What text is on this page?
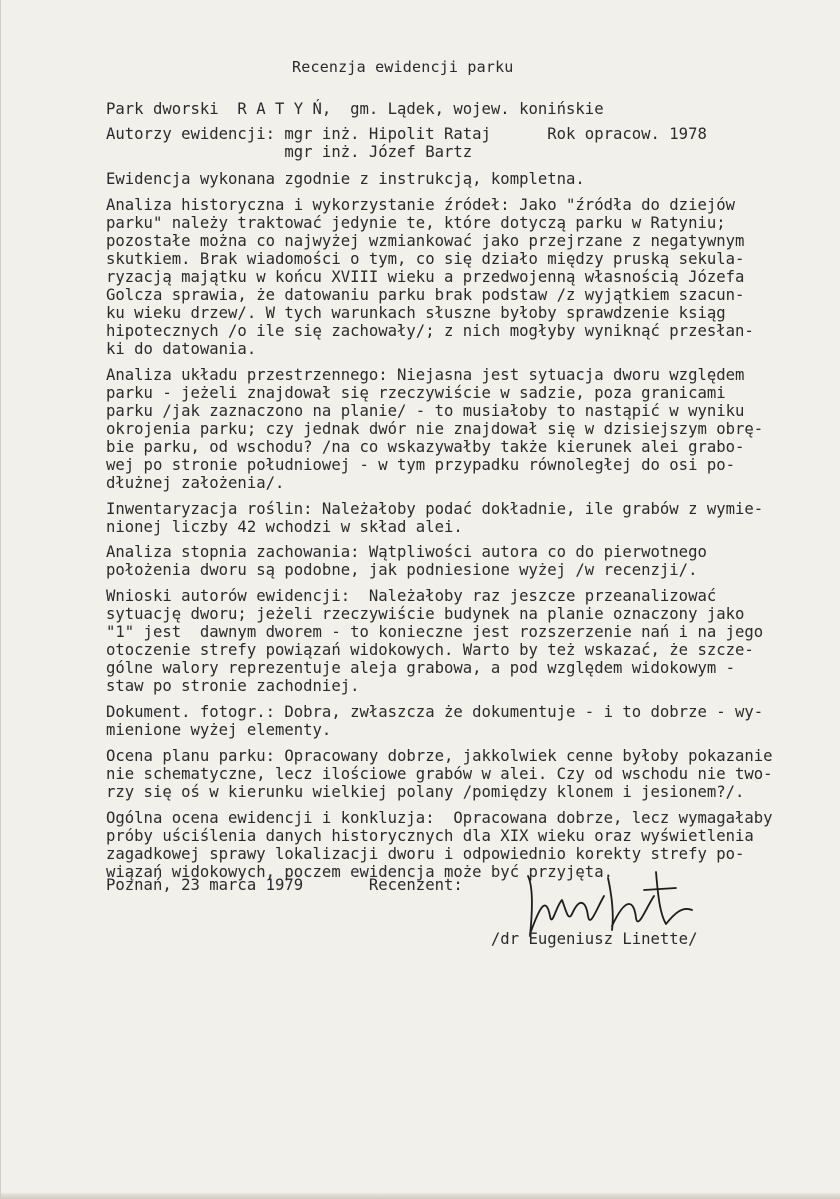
Recenzja ewidencji parku
Park dworski  R A T Y Ń,  gm. Lądek, wojew. konińskie
Autorzy ewidencji: mgr inż. Hipolit Rataj      Rok opracow. 1978
mgr inż. Józef Bartz
Ewidencja wykonana zgodnie z instrukcją, kompletna.
Analiza historyczna i wykorzystanie źródeł: Jako "źródła do dziejów
parku" należy traktować jedynie te, które dotyczą parku w Ratyniu;
pozostałe można co najwyżej wzmiankować jako przejrzane z negatywnym
skutkiem. Brak wiadomości o tym, co się działo między pruską sekula-
ryzacją majątku w końcu XVIII wieku a przedwojenną własnością Józefa
Golcza sprawia, że datowaniu parku brak podstaw /z wyjątkiem szacun-
ku wieku drzew/. W tych warunkach słuszne byłoby sprawdzenie ksiąg
hipotecznych /o ile się zachowały/; z nich mogłyby wyniknąć przesłan-
ki do datowania.
Analiza układu przestrzennego: Niejasna jest sytuacja dworu względem
parku - jeżeli znajdował się rzeczywiście w sadzie, poza granicami
parku /jak zaznaczono na planie/ - to musiałoby to nastąpić w wyniku
okrojenia parku; czy jednak dwór nie znajdował się w dzisiejszym obrę-
bie parku, od wschodu? /na co wskazywałby także kierunek alei grabo-
wej po stronie południowej - w tym przypadku równoległej do osi po-
dłużnej założenia/.
Inwentaryzacja roślin: Należałoby podać dokładnie, ile grabów z wymie-
nionej liczby 42 wchodzi w skład alei.
Analiza stopnia zachowania: Wątpliwości autora co do pierwotnego
położenia dworu są podobne, jak podniesione wyżej /w recenzji/.
Wnioski autorów ewidencji:  Należałoby raz jeszcze przeanalizować
sytuację dworu; jeżeli rzeczywiście budynek na planie oznaczony jako
"1" jest  dawnym dworem - to konieczne jest rozszerzenie nań i na jego
otoczenie strefy powiązań widokowych. Warto by też wskazać, że szcze-
gólne walory reprezentuje aleja grabowa, a pod względem widokowym -
staw po stronie zachodniej.
Dokument. fotogr.: Dobra, zwłaszcza że dokumentuje - i to dobrze - wy-
mienione wyżej elementy.
Ocena planu parku: Opracowany dobrze, jakkolwiek cenne byłoby pokazanie
nie schematyczne, lecz ilościowe grabów w alei. Czy od wschodu nie two-
rzy się oś w kierunku wielkiej polany /pomiędzy klonem i jesionem?/.
Ogólna ocena ewidencji i konkluzja:  Opracowana dobrze, lecz wymagałaby
próby uściślenia danych historycznych dla XIX wieku oraz wyświetlenia
zagadkowej sprawy lokalizacji dworu i odpowiednio korekty strefy po-
wiązań widokowych, poczem ewidencja może być przyjęta.
Poznań, 23 marca 1979       Recenzent:
/dr Eugeniusz Linette/
